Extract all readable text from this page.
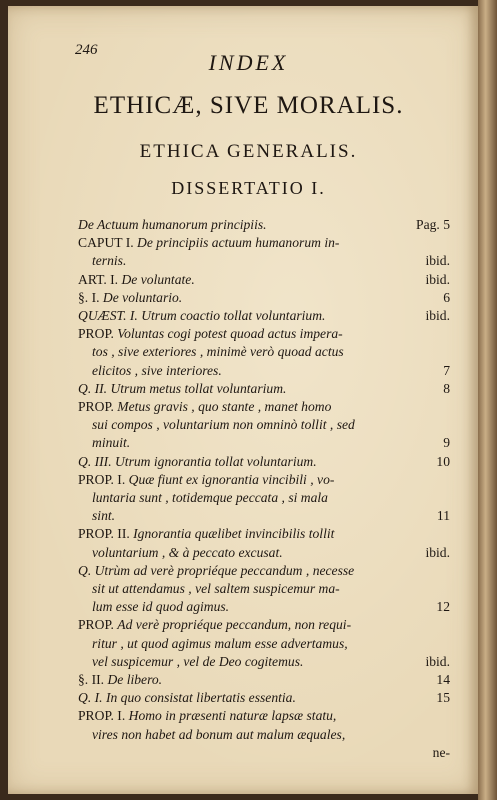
246	INDEX
ETHICÆ, SIVE MORALIS.
ETHICA GENERALIS.
DISSERTATIO I.
De Actuum humanorum principiis.	Pag. 5
CAPUT I. De principiis actuum humanorum in-
ternis.	ibid.
ART. I. De voluntate.	ibid.
§. I. De voluntario.	6
QUÆST. I. Utrum coactio tollat voluntarium.	ibid.
PROP. Voluntas cogi potest quoad actus impera-
tos , sive exteriores , minimè verò quoad actus
elicitos , sive interiores.	7
Q. II. Utrum metus tollat voluntarium.	8
PROP. Metus gravis , quo stante , manet homo
sui compos , voluntarium non omninò tollit , sed
minuit.	9
Q. III. Utrum ignorantia tollat voluntarium.	10
PROP. I. Quæ fiunt ex ignorantia vincibili , vo-
luntaria sunt , totidemque peccata , si mala
sint.	11
PROP. II. Ignorantia quælibet invincibilis tollit
voluntarium , & à peccato excusat.	ibid.
Q. Utrùm ad verè propriéque peccandum , necesse
sit ut attendamus , vel saltem suspicemur ma-
lum esse id quod agimus.	12
PROP. Ad verè propriéque peccandum, non requi-
ritur , ut quod agimus malum esse advertamus,
vel suspicemur , vel de Deo cogitemus.	ibid.
§. II. De libero.	14
Q. I. In quo consistat libertatis essentia.	15
PROP. I. Homo in præsenti naturæ lapsæ statu,
vires non habet ad bonum aut malum æquales,
ne-
